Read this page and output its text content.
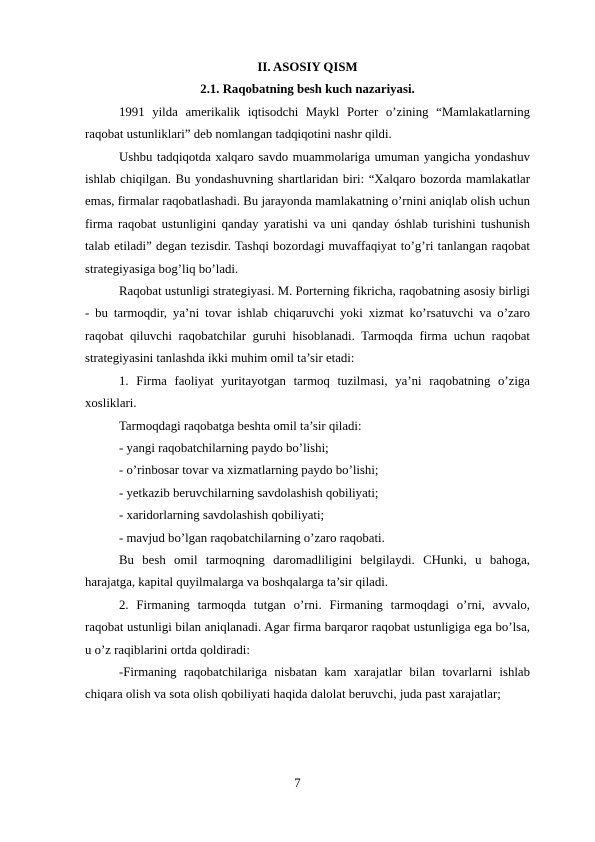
II. ASOSIY QISM

2.1. Raqobatning besh kuch nazariyasi.

1991 yilda amerikalik iqtisodchi Maykl Porter o’zining “Mamlakatlarning raqobat ustunliklari” deb nomlangan tadqiqotini nashr qildi.

Ushbu tadqiqotda xalqaro savdo muammolariga umuman yangicha yondashuv ishlab chiqilgan. Bu yondashuvning shartlaridan biri: “Xalqaro bozorda mamlakatlar emas, firmalar raqobatlashadi. Bu jarayonda mamlakatning o’rnini aniqlab olish uchun firma raqobat ustunligini qanday yaratishi va uni qanday óshlab turishini tushunish talab etiladi” degan tezisdir. Tashqi bozordagi muvaffaqiyat to’g’ri tanlangan raqobat strategiyasiga bog’liq bo’ladi.

Raqobat ustunligi strategiyasi. M. Porterning fikricha, raqobatning asosiy birligi - bu tarmoqdir, ya’ni tovar ishlab chiqaruvchi yoki xizmat ko’rsatuvchi va o’zaro raqobat qiluvchi raqobatchilar guruhi hisoblanadi. Tarmoqda firma uchun raqobat strategiyasini tanlashda ikki muhim omil ta’sir etadi:

1. Firma faoliyat yuritayotgan tarmoq tuzilmasi, ya’ni raqobatning o’ziga xosliklari.

Tarmoqdagi raqobatga beshta omil ta’sir qiladi:

- yangi raqobatchilarning paydo bo’lishi;

- o’rinbosar tovar va xizmatlarning paydo bo’lishi;

- yetkazib beruvchilarning savdolashish qobiliyati;

- xaridorlarning savdolashish qobiliyati;

- mavjud bo’lgan raqobatchilarning o’zaro raqobati.

Bu besh omil tarmoqning daromadliligini belgilaydi. CHunki, u bahoga, harajatga, kapital quyilmalarga va boshqalarga ta’sir qiladi.

2. Firmaning tarmoqda tutgan o’rni. Firmaning tarmoqdagi o’rni, avvalo, raqobat ustunligi bilan aniqlanadi. Agar firma barqaror raqobat ustunligiga ega bo’lsa, u o’z raqiblarini ortda qoldiradi:

-Firmaning raqobatchilariga nisbatan kam xarajatlar bilan tovarlarni ishlab chiqara olish va sota olish qobiliyati haqida dalolat beruvchi, juda past xarajatlar;

7
